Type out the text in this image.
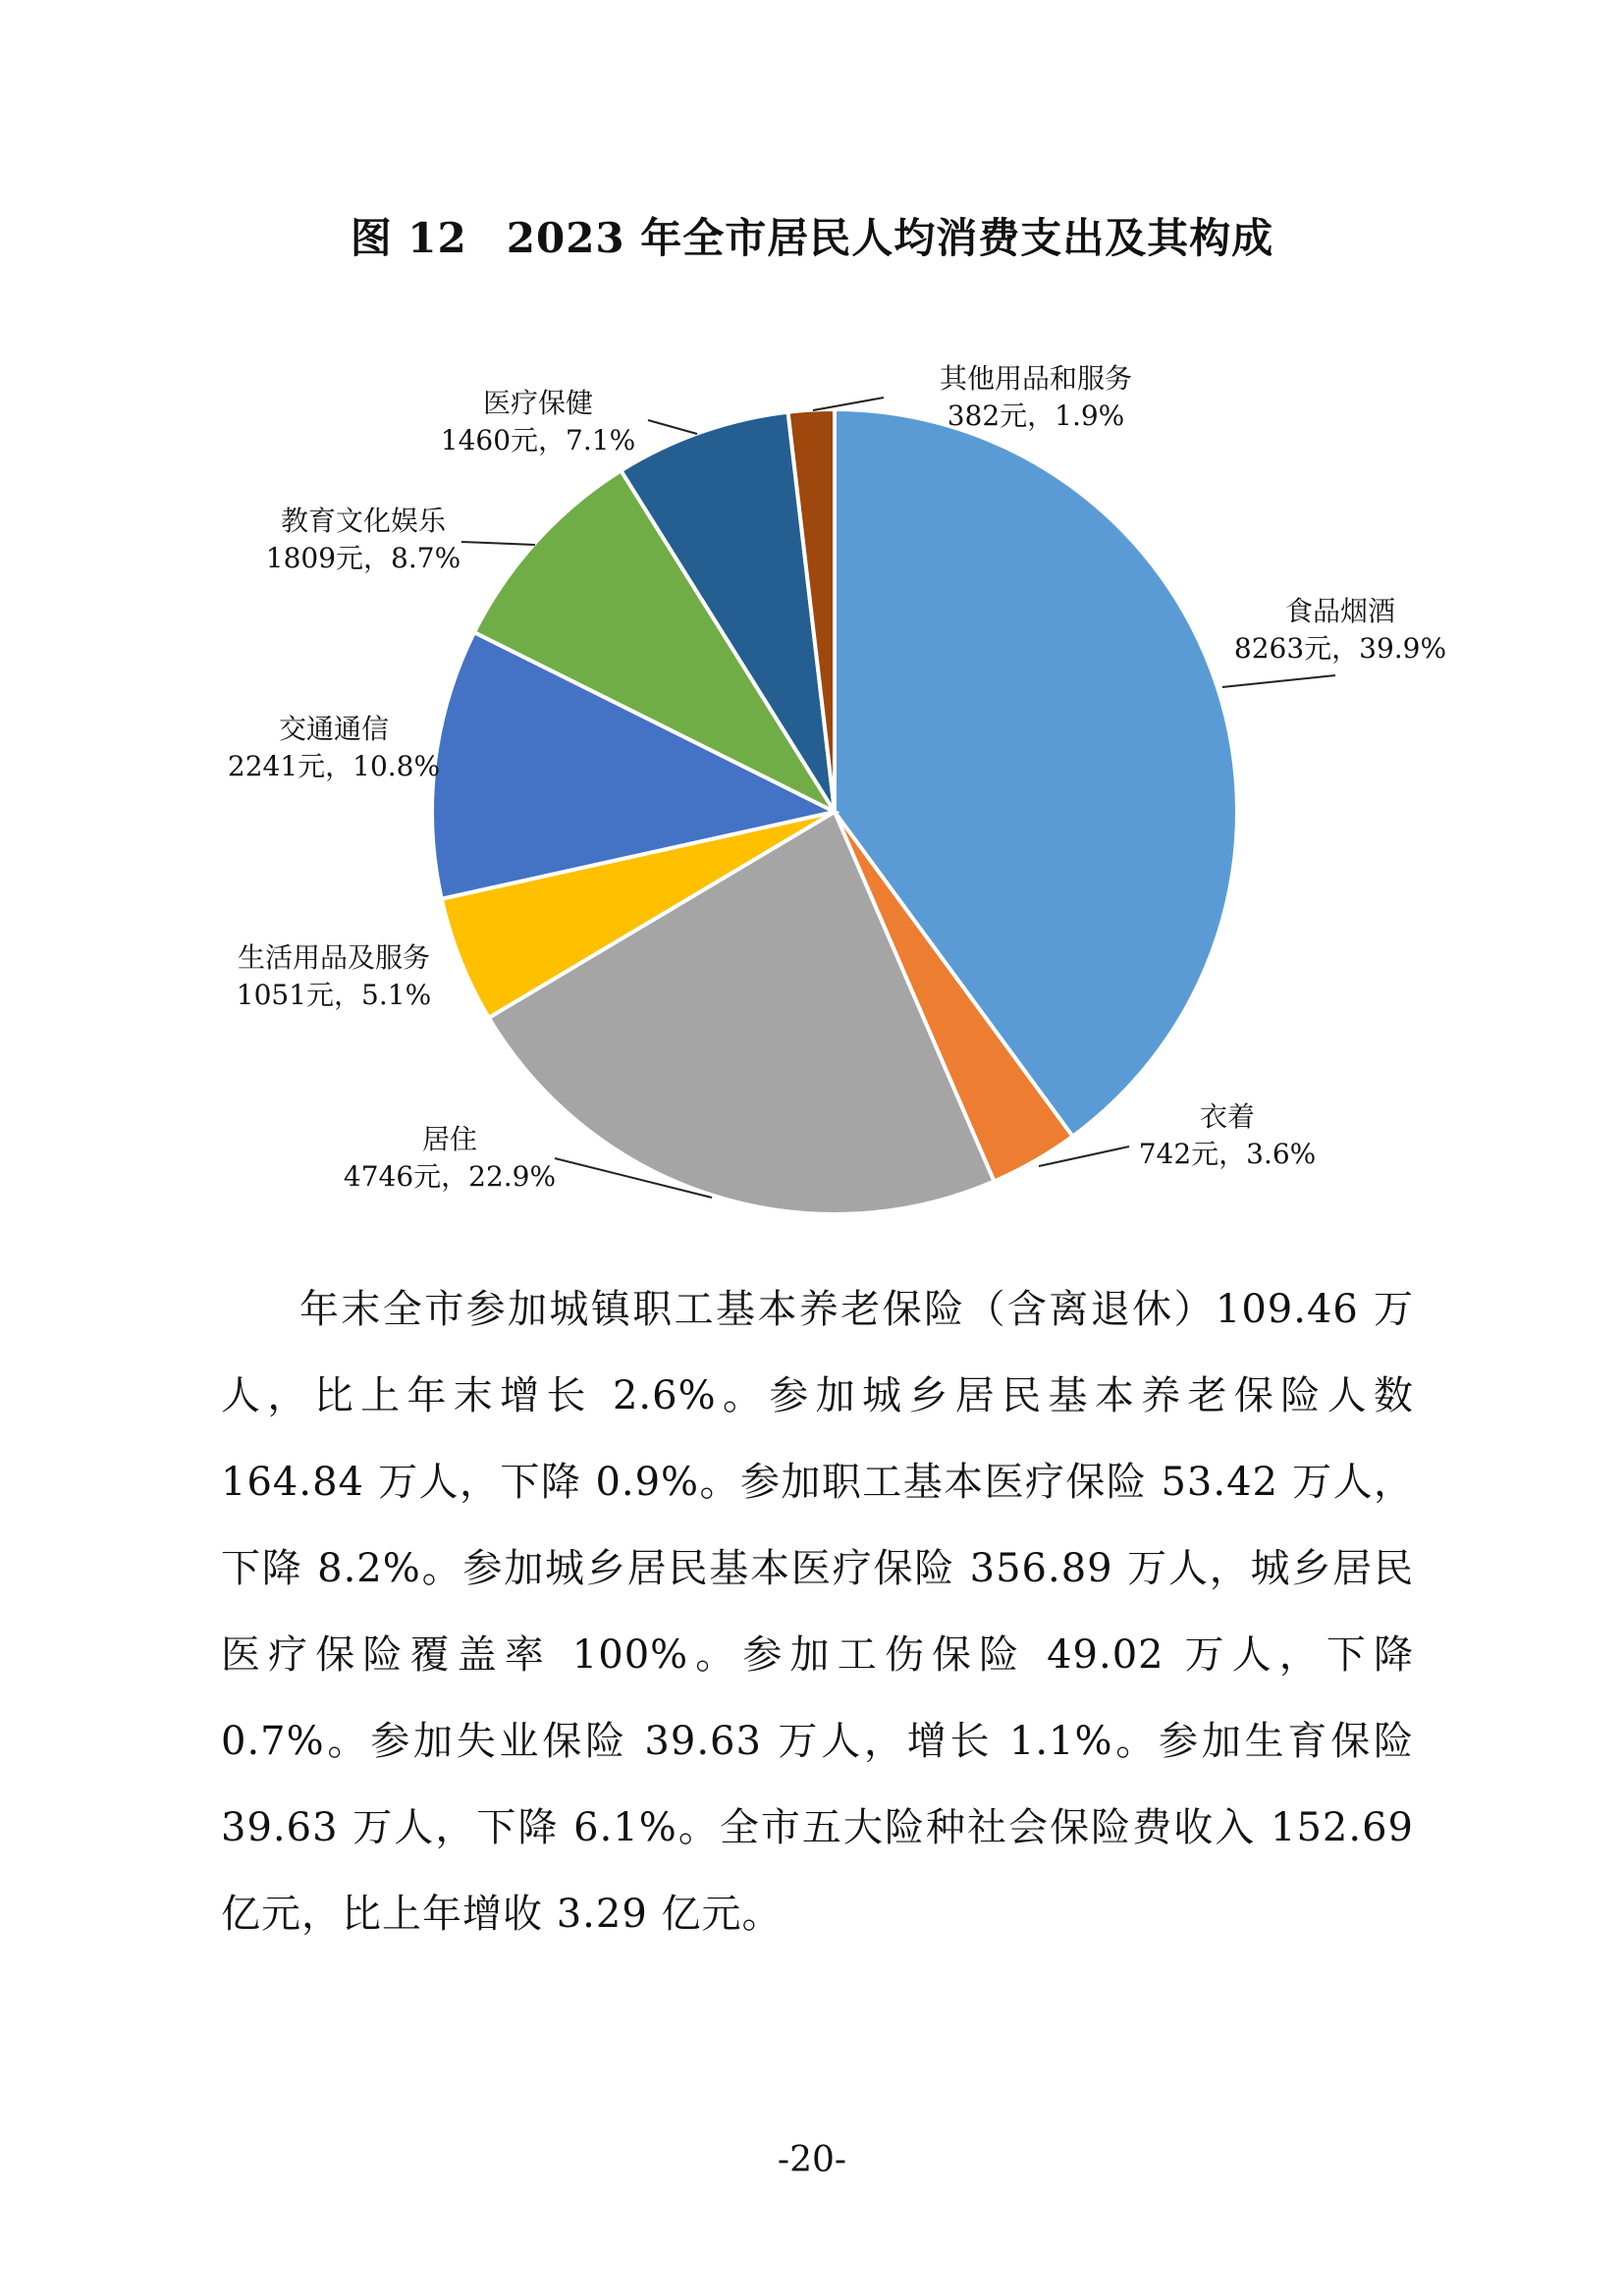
图 12 2023 年全市居民人均消费支出及其构成
食品烟酒
8263元，39.9%
衣着
742元，3.6%
居住
4746元，22.9%
生活用品及服务
1051元，5.1%
交通通信
2241元，10.8%
教育文化娱乐
1809元，8.7%
医疗保健
1460元，7.1%
其他用品和服务
382元，1.9%

年末全市参加城镇职工基本养老保险（含离退休）109.46 万人，比上年末增长 2.6%。参加城乡居民基本养老保险人数 164.84 万人，下降 0.9%。参加职工基本医疗保险 53.42 万人，下降 8.2%。参加城乡居民基本医疗保险 356.89 万人，城乡居民医疗保险覆盖率 100%。参加工伤保险 49.02 万人，下降 0.7%。参加失业保险 39.63 万人，增长 1.1%。参加生育保险 39.63 万人，下降 6.1%。全市五大险种社会保险费收入 152.69 亿元，比上年增收 3.29 亿元。

-20-
